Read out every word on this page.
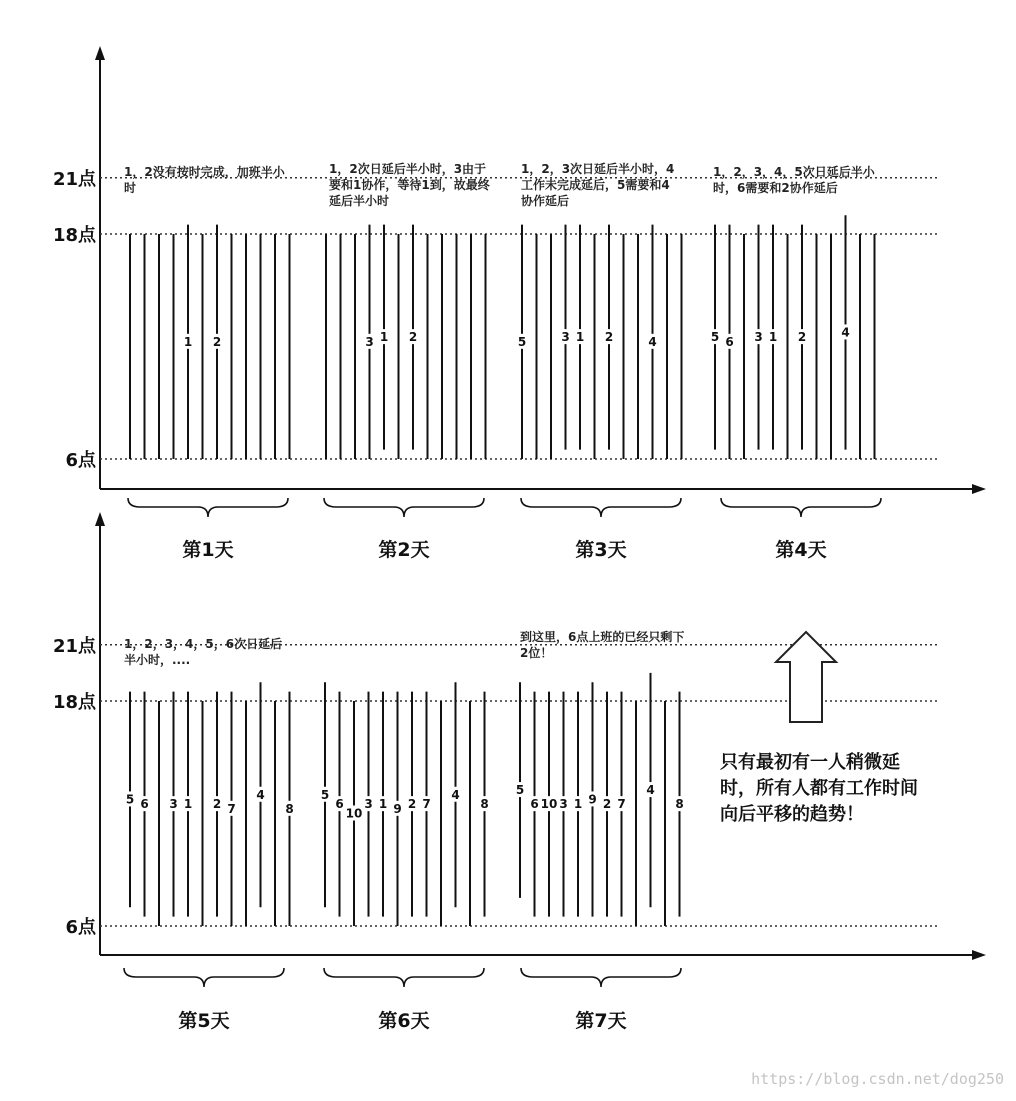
21点
18点
6点
1 2
第1天
3 1 2
第2天
5	3 1 2	4
第3天
5 6 3 1 2	4
第4天
21点
18点
6点
5 6 3 1 2 7
4
8
第5天
5
6
10
3 1 9 2 7
4
8
第6天
5
6 10 3 1 9 2 7
4
8
第7天

1，2没有按时完成，加班半小时

1，2次日延后半小时，3由于要和1协作，等待1到，故最终延后半小时

1，2，3次日延后半小时，4工作未完成延后，5需要和4协作延后

1，2，3，4，5次日延后半小时，6需要和2协作延后

1，2，3，4，5，6次日延后半小时，....

到这里，6点上班的已经只剩下2位！

只有最初有一人稍微延时，所有人都有工作时间向后平移的趋势！

https://blog.csdn.net/dog250
